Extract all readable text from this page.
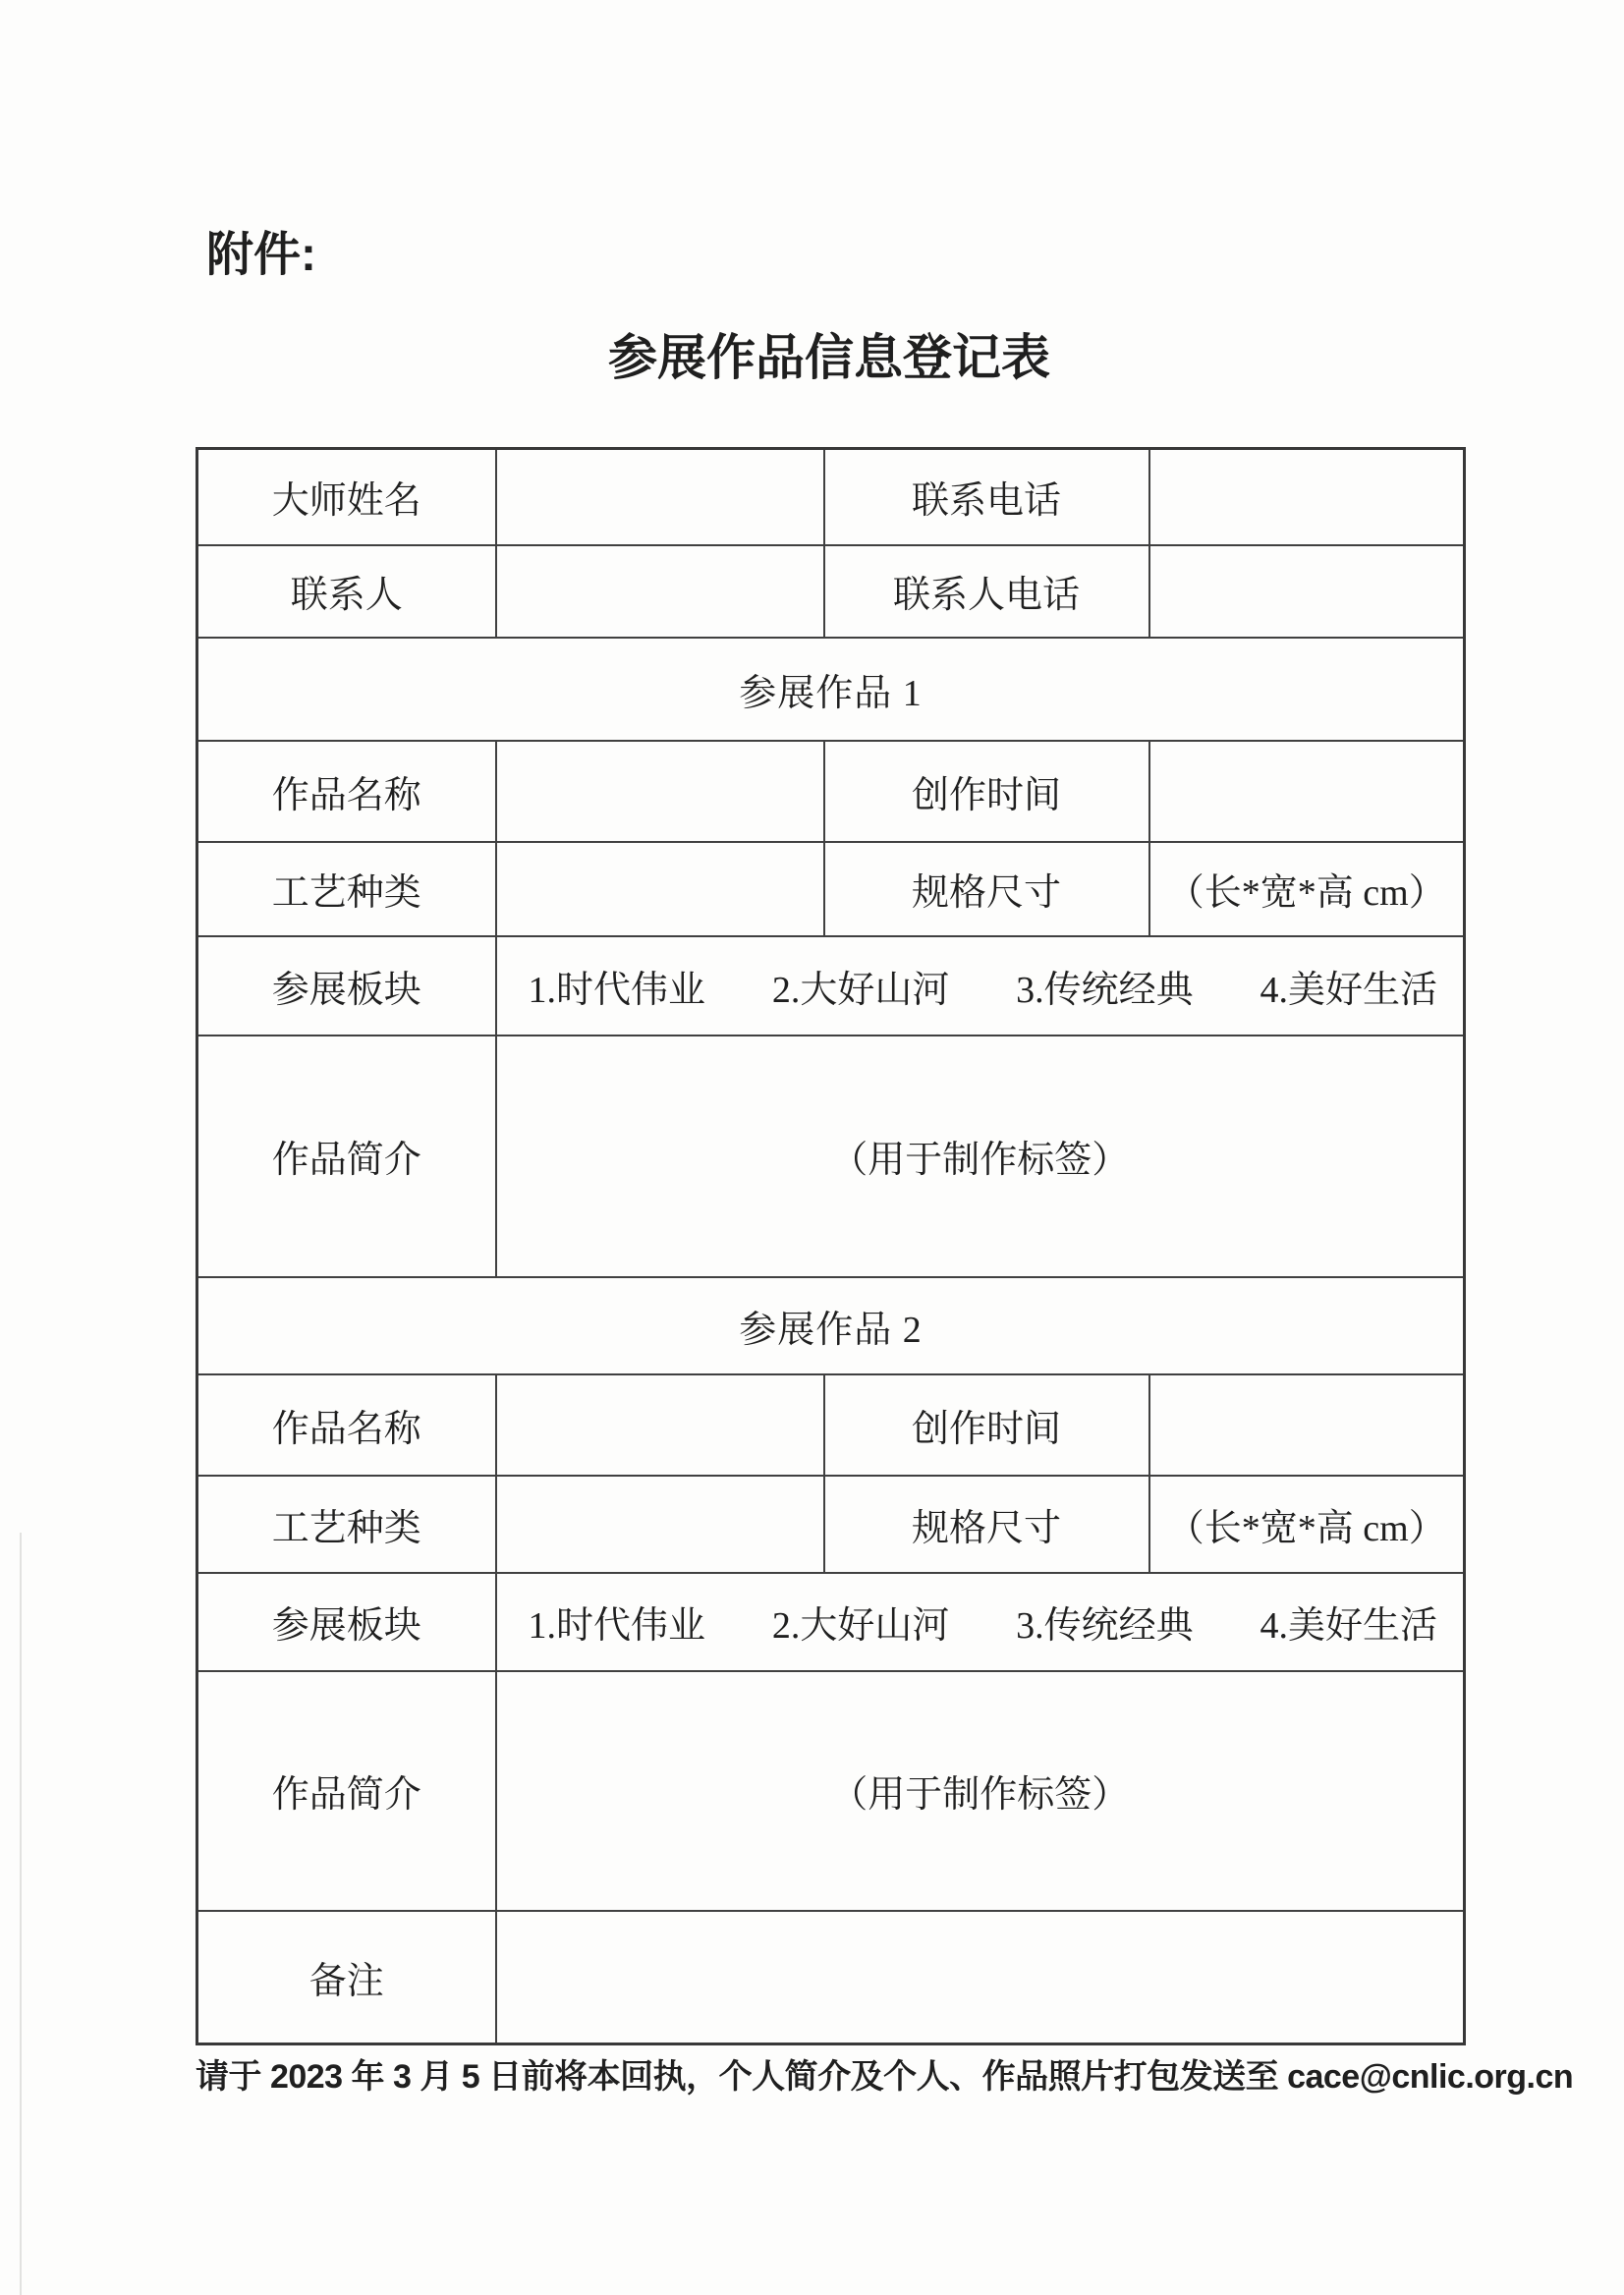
附件:
参展作品信息登记表
大师姓名		联系电话	
联系人		联系人电话	
参展作品 1			
作品名称		创作时间	
工艺种类		规格尺寸	（长*宽*高 cm）
参展板块	1.时代伟业 2.大好山河 3.传统经典 4.美好生活		

作品简介	（用于制作标签）		
参展作品 2			
作品名称		创作时间	
工艺种类		规格尺寸	（长*宽*高 cm）
参展板块	1.时代伟业 2.大好山河 3.传统经典 4.美好生活		

作品简介	（用于制作标签）		
备注			
请于 2023 年 3 月 5 日前将本回执，个人简介及个人、作品照片打包发送至 cace@cnlic.org.cn
